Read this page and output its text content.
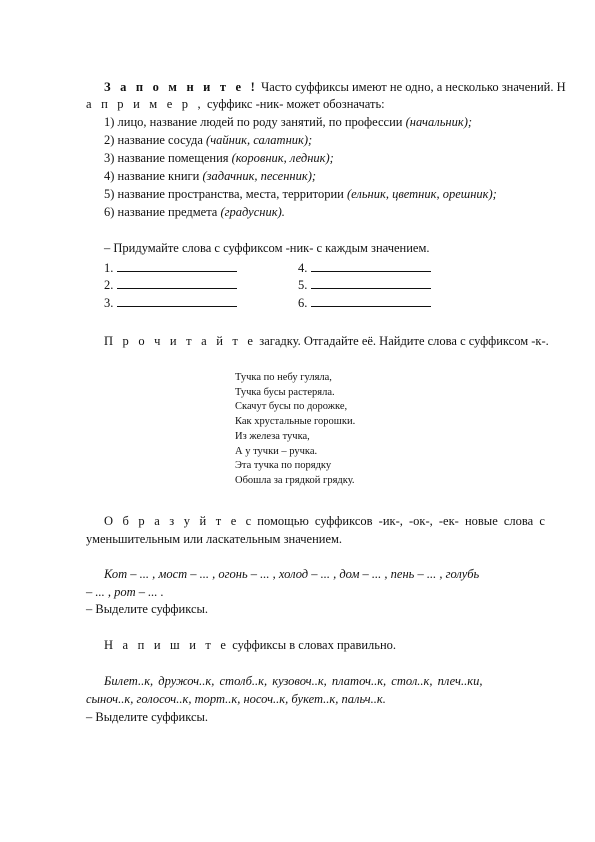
З а п о м н и т е ! Часто суффиксы имеют не одно, а несколько значений. Н
а п р и м е р , суффикс -ник- может обозначать:
1) лицо, название людей по роду занятий, по профессии (начальник);
2) название сосуда (чайник, салатник);
3) название помещения (коровник, ледник);
4) название книги (задачник, песенник);
5) название пространства, места, территории (ельник, цветник, орешник);
6) название предмета (градусник).
– Придумайте слова с суффиксом -ник- с каждым значением.
1.
2.
3.
4.
5.
6.
П р о ч и т а й т е загадку. Отгадайте её. Найдите слова с суффиксом -к-.
Тучка по небу гуляла,
Тучка бусы растеряла.
Скачут бусы по дорожке,
Как хрустальные горошки.
Из железа тучка,
А у тучки – ручка.
Эта тучка по порядку
Обошла за грядкой грядку.
О б р а з у й т е с помощью суффиксов -ик-, -ок-, -ек- новые слова с
уменьшительным или ласкательным значением.
Кот – ... , мост – ... , огонь – ... , холод – ... , дом – ... , пень – ... , голубь
– ... , рот – ... .
– Выделите суффиксы.
Н а п и ш и т е суффиксы в словах правильно.
Билет..к, дружоч..к, столб..к, кузовоч..к, платоч..к, стол..к, плеч..ки,
сыноч..к, голосоч..к, торт..к, носоч..к, букет..к, пальч..к.
– Выделите суффиксы.
